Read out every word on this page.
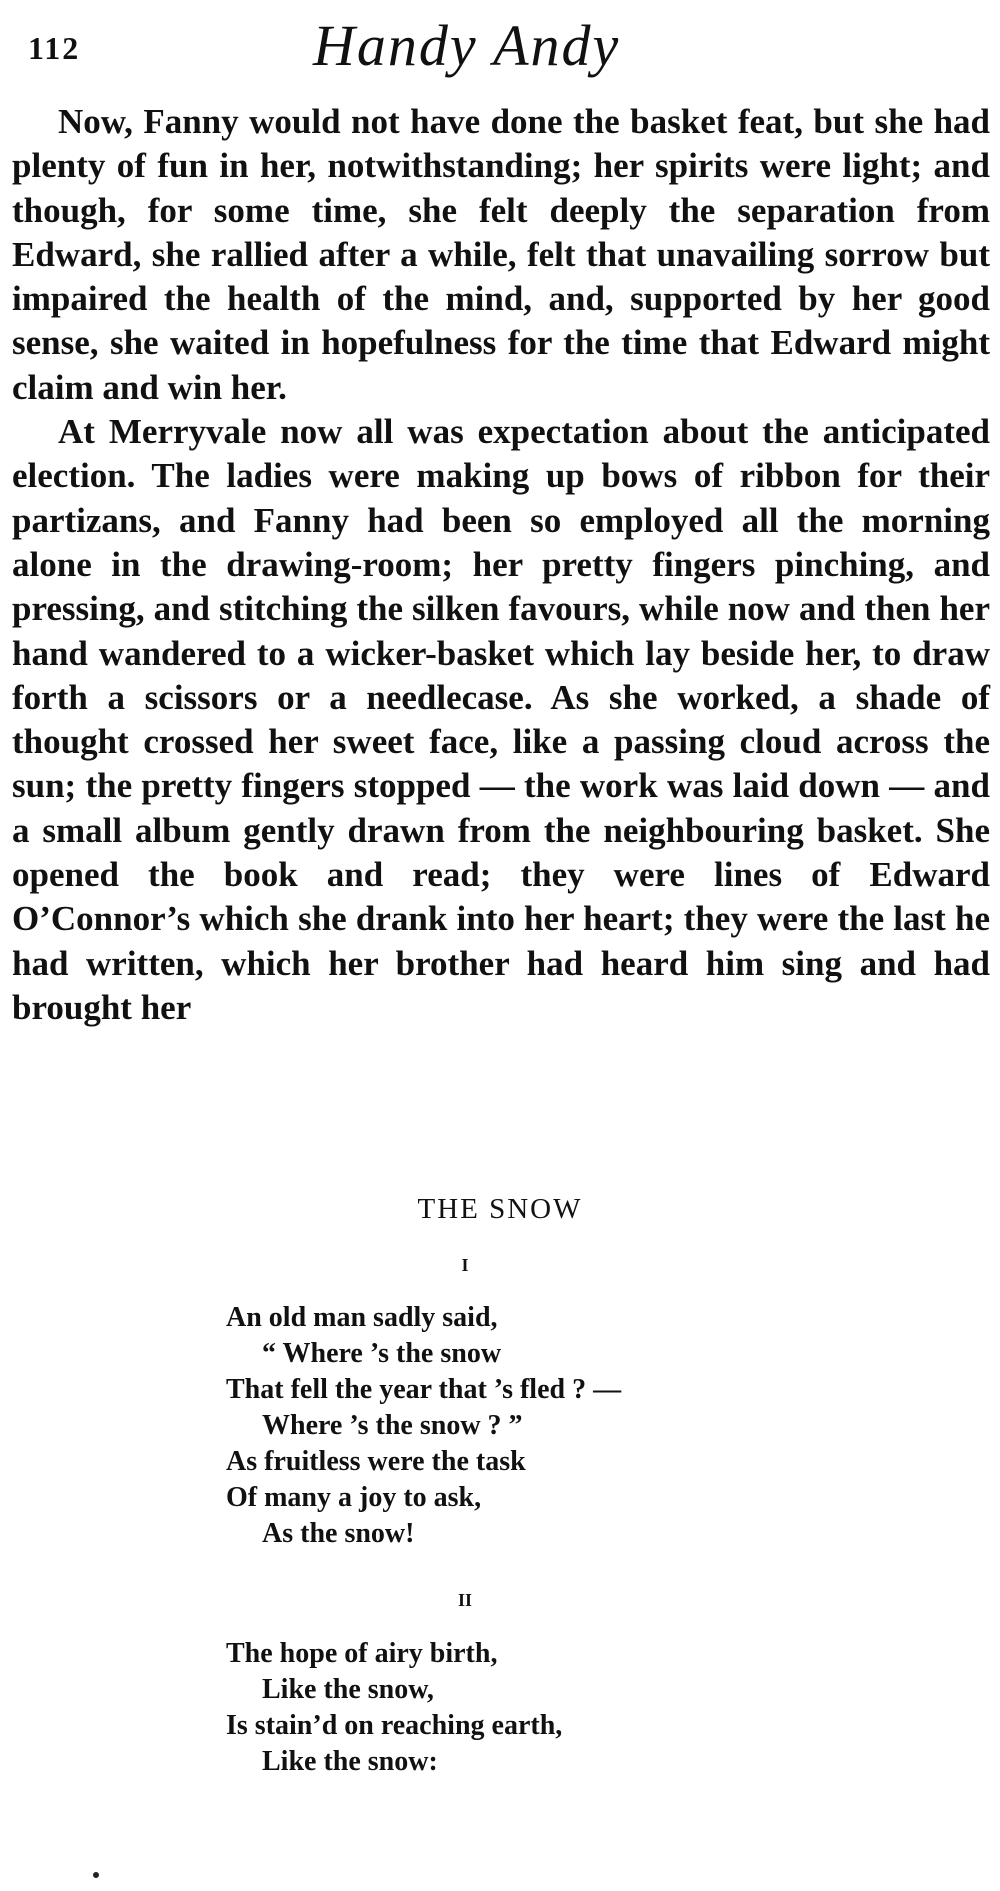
112	Handy Andy

Now, Fanny would not have done the basket feat, but she had plenty of fun in her, notwithstanding; her spirits were light; and though, for some time, she felt deeply the separation from Edward, she rallied after a while, felt that unavailing sorrow but impaired the health of the mind, and, supported by her good sense, she waited in hopefulness for the time that Edward might claim and win her.

At Merryvale now all was expectation about the anticipated election. The ladies were making up bows of ribbon for their partizans, and Fanny had been so employed all the morning alone in the drawing-room; her pretty fingers pinching, and pressing, and stitching the silken favours, while now and then her hand wandered to a wicker-basket which lay beside her, to draw forth a scissors or a needlecase. As she worked, a shade of thought crossed her sweet face, like a passing cloud across the sun; the pretty fingers stopped — the work was laid down — and a small album gently drawn from the neighbouring basket. She opened the book and read; they were lines of Edward O’Connor’s which she drank into her heart; they were the last he had written, which her brother had heard him sing and had brought her

THE SNOW
I
An old man sadly said,
“ Where ’s the snow
That fell the year that ’s fled ? —
Where ’s the snow ? ”
As fruitless were the task
Of many a joy to ask,
As the snow!
II
The hope of airy birth,
Like the snow,
Is stain’d on reaching earth,
Like the snow:
